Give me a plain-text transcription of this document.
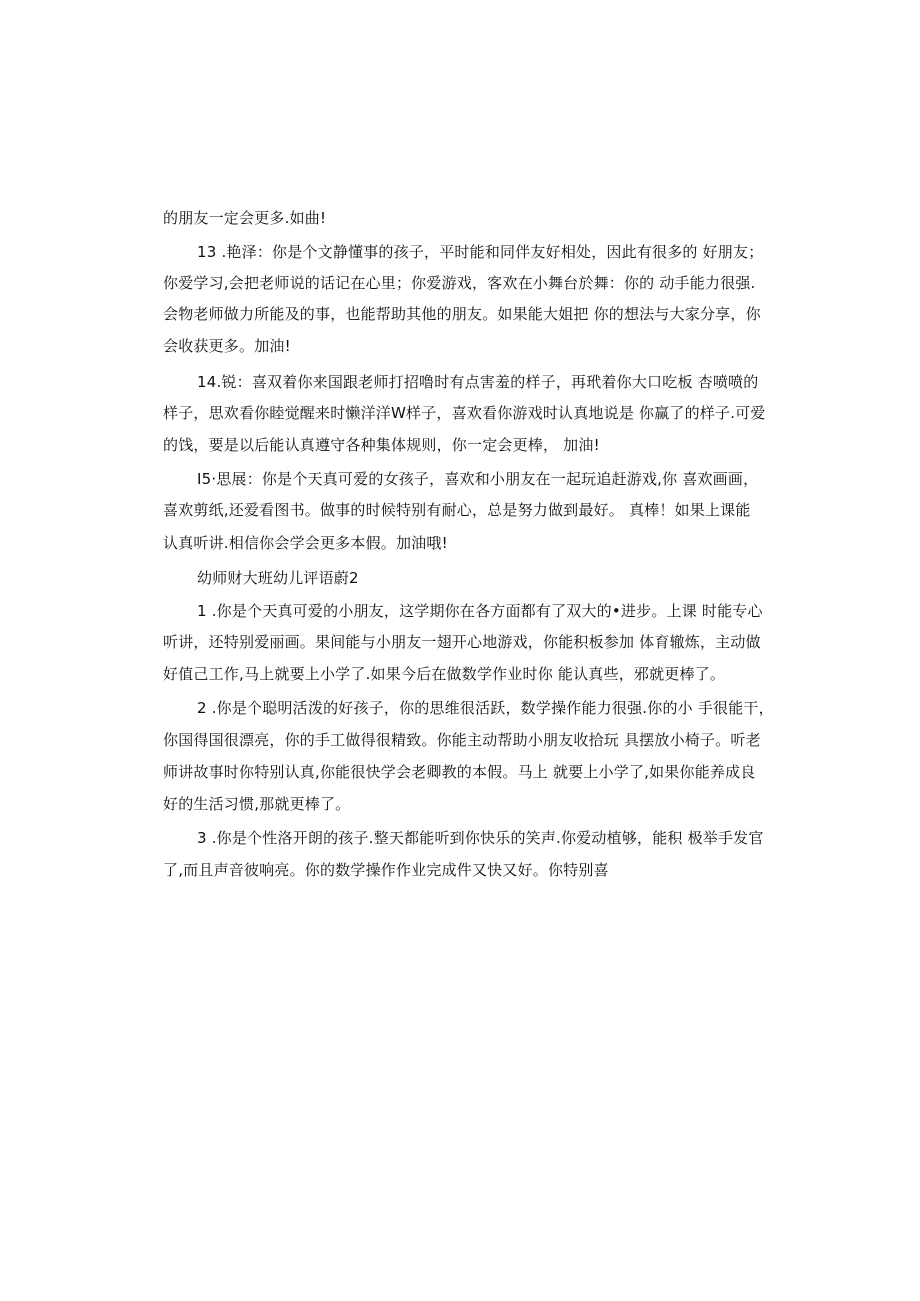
的朋友一定会更多.如曲!
13 .艳泽：你是个文静懂事的孩子，平时能和同伴友好相处，因此有很多的 好朋友；
你爱学习,会把老师说的话记在心里；你爱游戏，客欢在小舞台於舞：你的 动手能力很强.
会物老师做力所能及的事，也能帮助其他的朋友。如果能大姐把 你的想法与大家分享，你
会收获更多。加油!
14.锐：喜双着你来国跟老师打招噜时有点害羞的样子，再玳着你大口吃板 杏喷喷的
样子，思欢看你睦觉醒来时懒洋洋W样子，喜欢看你游戏时认真地说是 你赢了的样子.可爱
的饯，要是以后能认真遵守各种集体规则，你一定会更棒， 加油!
I5·思展：你是个天真可爱的女孩子，喜欢和小朋友在一起玩追赶游戏,你 喜欢画画，
喜欢剪纸,还爱看图书。做事的时候特别有耐心，总是努力做到最好。 真棒！如果上课能
认真听讲.相信你会学会更多本假。加油哦!
幼师财大班幼儿评语蔚2
1 .你是个天真可爱的小朋友，这学期你在各方面都有了双大的•进步。上课 时能专心
听讲，还特别爱丽画。果间能与小朋友一翅开心地游戏，你能积板参加 体育辙炼，主动做
好值己工作,马上就要上小学了.如果今后在做数学作业时你 能认真些，邪就更棒了。
2 .你是个聪明活泼的好孩子，你的思维很活跃，数学操作能力很强.你的小 手很能干，
你国得国很漂亮，你的手工做得很精致。你能主动帮助小朋友收拾玩 具摆放小椅子。听老
师讲故事时你特别认真,你能很快学会老卿教的本假。马上 就要上小学了,如果你能养成良
好的生活习惯,那就更棒了。
3 .你是个性洛开朗的孩子.整天都能听到你快乐的笑声.你爱动植够，能积 极举手发官
了,而且声音彼响亮。你的数学操作作业完成件又快又好。你特别喜
